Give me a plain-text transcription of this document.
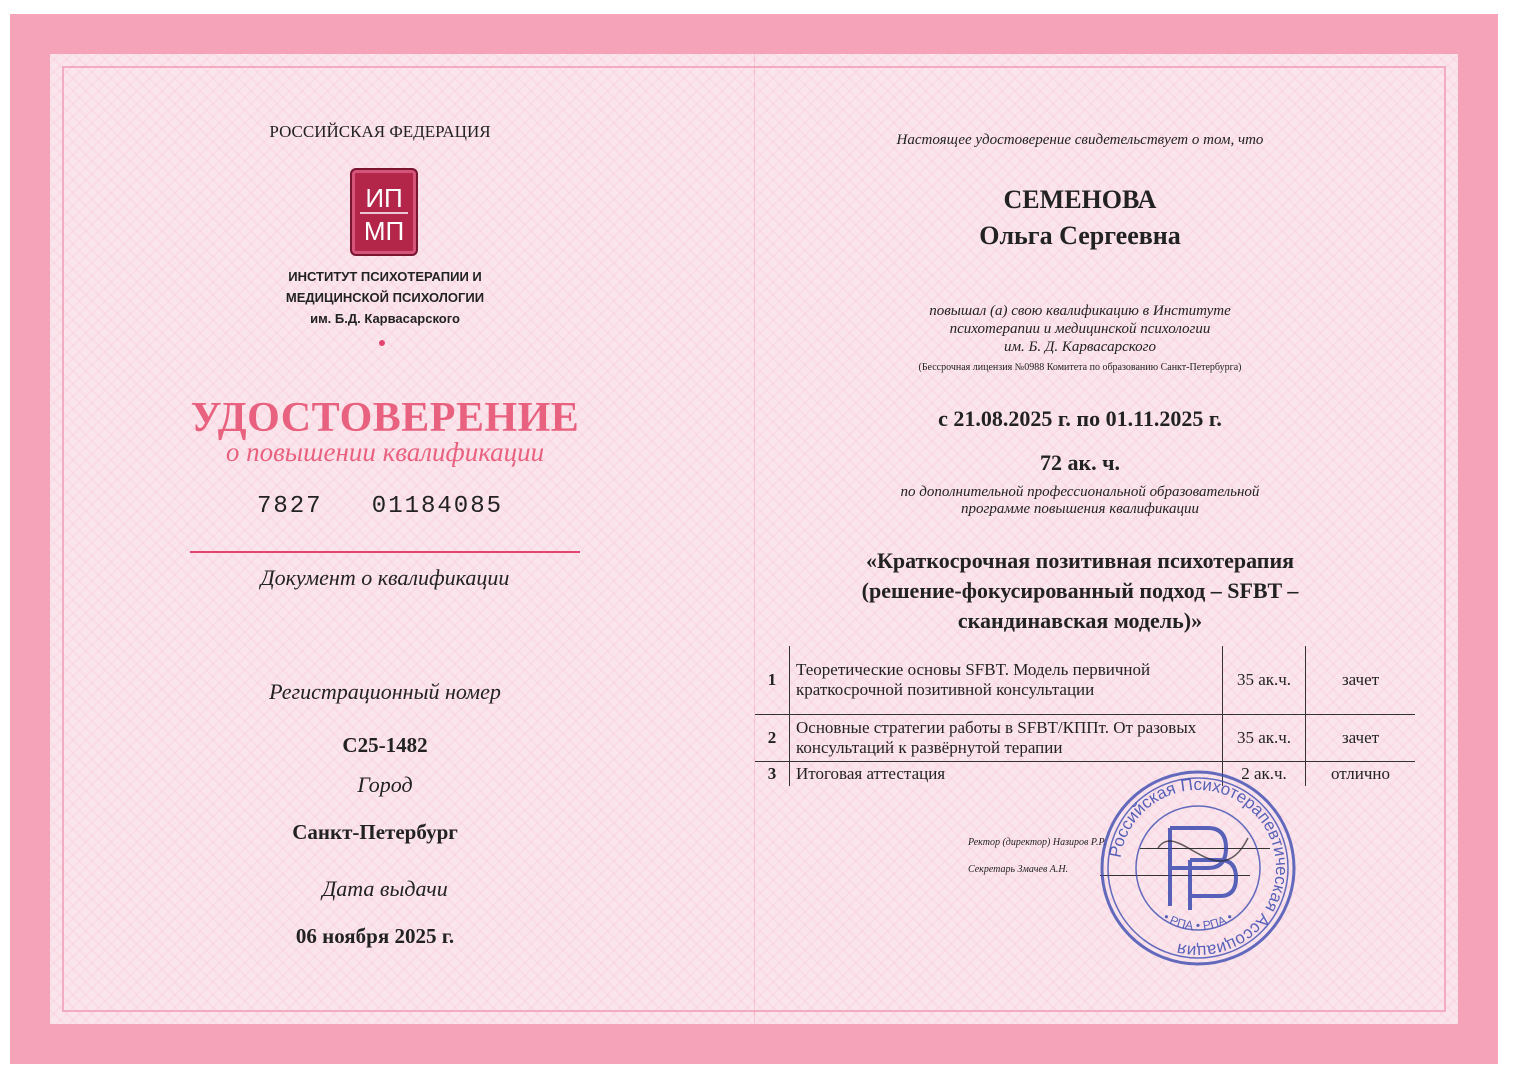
РОССИЙСКАЯ ФЕДЕРАЦИЯ
ИП
МП
ИНСТИТУТ ПСИХОТЕРАПИИ И
МЕДИЦИНСКОЙ ПСИХОЛОГИИ
им. Б.Д. Карвасарского
УДОСТОВЕРЕНИЕ
о повышении квалификации
7827   01184085
Документ о квалификации
Регистрационный номер
С25-1482
Город
Санкт-Петербург
Дата выдачи
06 ноября 2025 г.
Настоящее удостоверение свидетельствует о том, что
СЕМЕНОВА
Ольга Сергеевна
повышал (а) свою квалификацию в Институте
психотерапии и медицинской психологии
им. Б. Д. Карвасарского
(Бессрочная лицензия №0988 Комитета по образованию Санкт-Петербурга)
с 21.08.2025 г. по 01.11.2025 г.
72 ак. ч.
по дополнительной профессиональной образовательной
программе повышения квалификации
«Краткосрочная позитивная психотерапия
(решение-фокусированный подход – SFBT –
скандинавская модель)»
1	Теоретические основы SFBT. Модель первичной краткосрочной позитивной консультации	35 ак.ч.	зачет
2	Основные стратегии работы в SFBT/КППт. От разовых консультаций к развёрнутой терапии	35 ак.ч.	зачет
3	Итоговая аттестация	2 ак.ч.	отлично
Ректор (директор) Назиров Р.Р.
Секретарь Змачев А.Н.
Российская Психотерапевтическая Ассоциация
• РПА • РПА •
